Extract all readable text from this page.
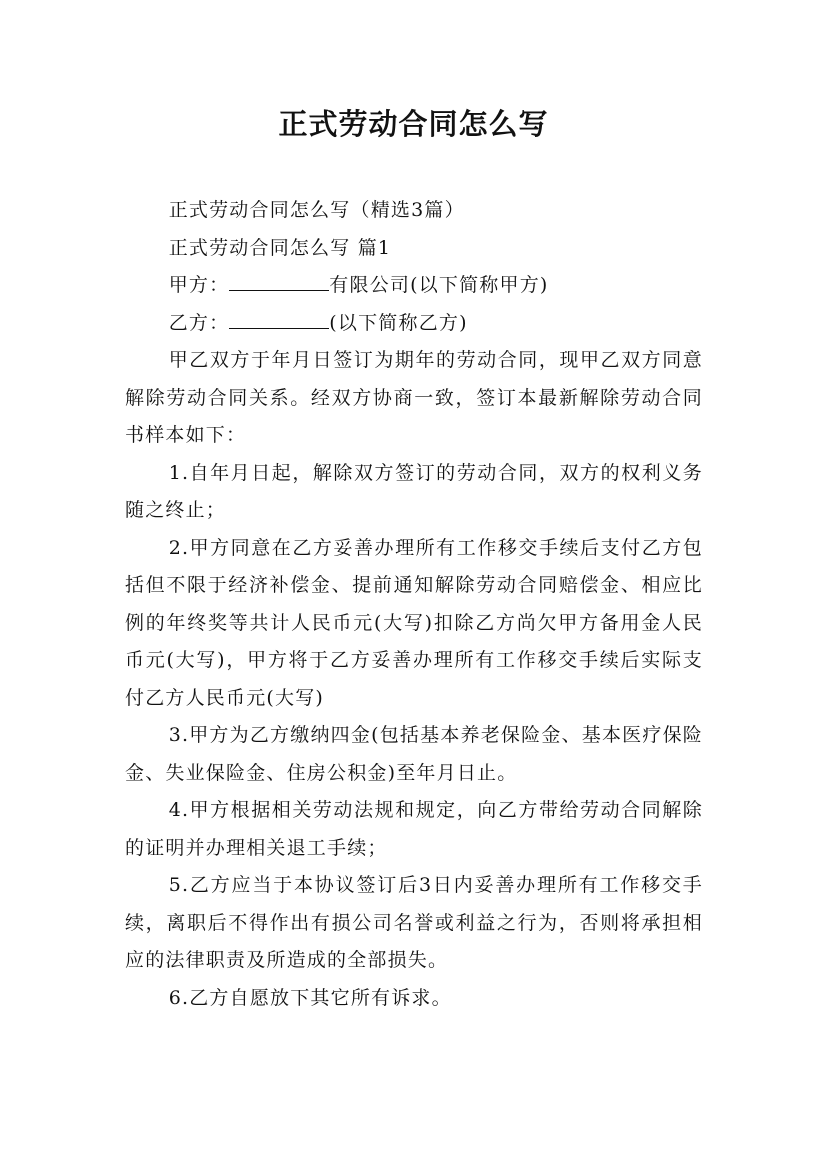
正式劳动合同怎么写

正式劳动合同怎么写（精选3篇）

正式劳动合同怎么写 篇1

甲方：	有限公司(以下简称甲方)

乙方：	(以下简称乙方)

甲乙双方于年月日签订为期年的劳动合同，现甲乙双方同意解除劳动合同关系。经双方协商一致，签订本最新解除劳动合同书样本如下：

1.自年月日起，解除双方签订的劳动合同，双方的权利义务随之终止；

2.甲方同意在乙方妥善办理所有工作移交手续后支付乙方包括但不限于经济补偿金、提前通知解除劳动合同赔偿金、相应比例的年终奖等共计人民币元(大写)扣除乙方尚欠甲方备用金人民币元(大写)，甲方将于乙方妥善办理所有工作移交手续后实际支付乙方人民币元(大写)

3.甲方为乙方缴纳四金(包括基本养老保险金、基本医疗保险金、失业保险金、住房公积金)至年月日止。

4.甲方根据相关劳动法规和规定，向乙方带给劳动合同解除的证明并办理相关退工手续；

5.乙方应当于本协议签订后3日内妥善办理所有工作移交手续，离职后不得作出有损公司名誉或利益之行为，否则将承担相应的法律职责及所造成的全部损失。

6.乙方自愿放下其它所有诉求。
